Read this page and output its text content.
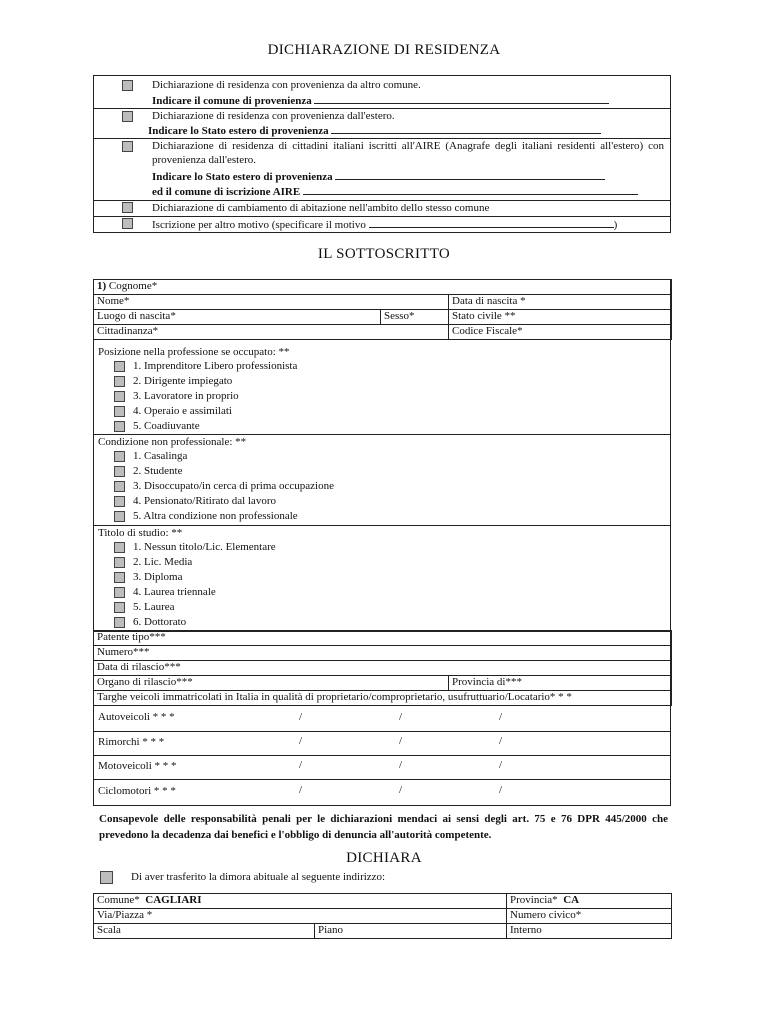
DICHIARAZIONE DI RESIDENZA
Dichiarazione di residenza con provenienza da altro comune.
Indicare il comune di provenienza
Dichiarazione di residenza con provenienza dall'estero.
Indicare lo Stato estero di provenienza
Dichiarazione di residenza di cittadini italiani iscritti all'AIRE (Anagrafe degli italiani residenti all'estero) con provenienza dall'estero.
Indicare lo Stato estero di provenienza
ed il comune di iscrizione AIRE
Dichiarazione di cambiamento di abitazione nell'ambito dello stesso comune
Iscrizione per altro motivo (specificare il motivo	)
IL SOTTOSCRITTO
1) Cognome*		
Nome*		Data di nascita *
Luogo di nascita*	Sesso*	Stato civile **
Cittadinanza*		Codice Fiscale*
Posizione nella professione se occupato: **
1. Imprenditore Libero professionista
2. Dirigente impiegato
3. Lavoratore in proprio
4. Operaio e assimilati
5. Coadiuvante
Condizione non professionale: **
1. Casalinga
2. Studente
3. Disoccupato/in cerca di prima occupazione
4. Pensionato/Ritirato dal lavoro
5. Altra condizione non professionale
Titolo di studio: **
1. Nessun titolo/Lic. Elementare
2. Lic. Media
3. Diploma
4. Laurea triennale
5. Laurea
6. Dottorato
Patente tipo***
Numero***
Data di rilascio***
Organo di rilascio***	Provincia di***
Targhe veicoli immatricolati in Italia in qualità di proprietario/comproprietario, usufruttuario/Locatario* * *
Autoveicoli * * *	/	/	/
Rimorchi * * *	/	/	/
Motoveicoli * * *	/	/	/
Ciclomotori * * *	/	/	/
Consapevole delle responsabilità penali per le dichiarazioni mendaci ai sensi degli art. 75 e 76 DPR 445/2000 che prevedono la decadenza dai benefici e l'obbligo di denuncia all'autorità competente.
DICHIARA
Di aver trasferito la dimora abituale al seguente indirizzo:
Comune* CAGLIARI		Provincia* CA
Via/Piazza *		Numero civico*
Scala	Piano	Interno
